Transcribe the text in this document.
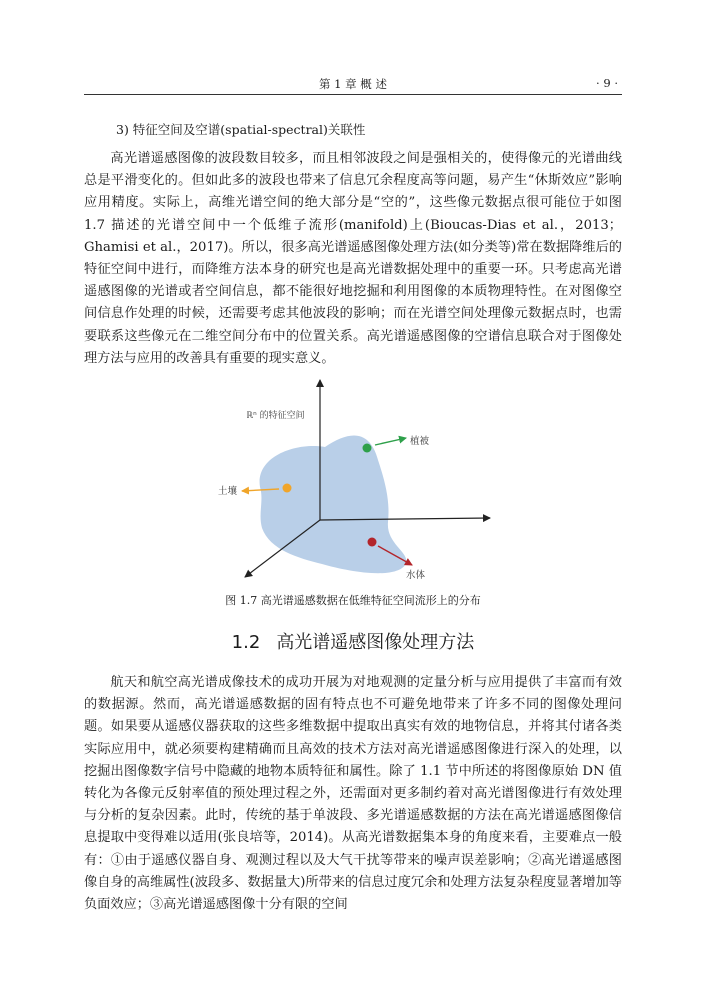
第 1 章 概 述	· 9 ·
3) 特征空间及空谱(spatial-spectral)关联性

高光谱遥感图像的波段数目较多，而且相邻波段之间是强相关的，使得像元的光谱曲线总是平滑变化的。但如此多的波段也带来了信息冗余程度高等问题，易产生“休斯效应”影响应用精度。实际上，高维光谱空间的绝大部分是“空的”，这些像元数据点很可能位于如图 1.7 描述的光谱空间中一个低维子流形(manifold)上(Bioucas-Dias et al.，2013；Ghamisi et al.，2017)。所以，很多高光谱遥感图像处理方法(如分类等)常在数据降维后的特征空间中进行，而降维方法本身的研究也是高光谱数据处理中的重要一环。只考虑高光谱遥感图像的光谱或者空间信息，都不能很好地挖掘和利用图像的本质物理特性。在对图像空间信息作处理的时候，还需要考虑其他波段的影响；而在光谱空间处理像元数据点时，也需要联系这些像元在二维空间分布中的位置关系。高光谱遥感图像的空谱信息联合对于图像处理方法与应用的改善具有重要的现实意义。

ℝⁿ 的特征空间
植被
土壤
水体
图 1.7 高光谱遥感数据在低维特征空间流形上的分布
1.2 高光谱遥感图像处理方法

航天和航空高光谱成像技术的成功开展为对地观测的定量分析与应用提供了丰富而有效的数据源。然而，高光谱遥感数据的固有特点也不可避免地带来了许多不同的图像处理问题。如果要从遥感仪器获取的这些多维数据中提取出真实有效的地物信息，并将其付诸各类实际应用中，就必须要构建精确而且高效的技术方法对高光谱遥感图像进行深入的处理，以挖掘出图像数字信号中隐藏的地物本质特征和属性。除了 1.1 节中所述的将图像原始 DN 值转化为各像元反射率值的预处理过程之外，还需面对更多制约着对高光谱图像进行有效处理与分析的复杂因素。此时，传统的基于单波段、多光谱遥感数据的方法在高光谱遥感图像信息提取中变得难以适用(张良培等，2014)。从高光谱数据集本身的角度来看，主要难点一般有：①由于遥感仪器自身、观测过程以及大气干扰等带来的噪声误差影响；②高光谱遥感图像自身的高维属性(波段多、数据量大)所带来的信息过度冗余和处理方法复杂程度显著增加等负面效应；③高光谱遥感图像十分有限的空间
